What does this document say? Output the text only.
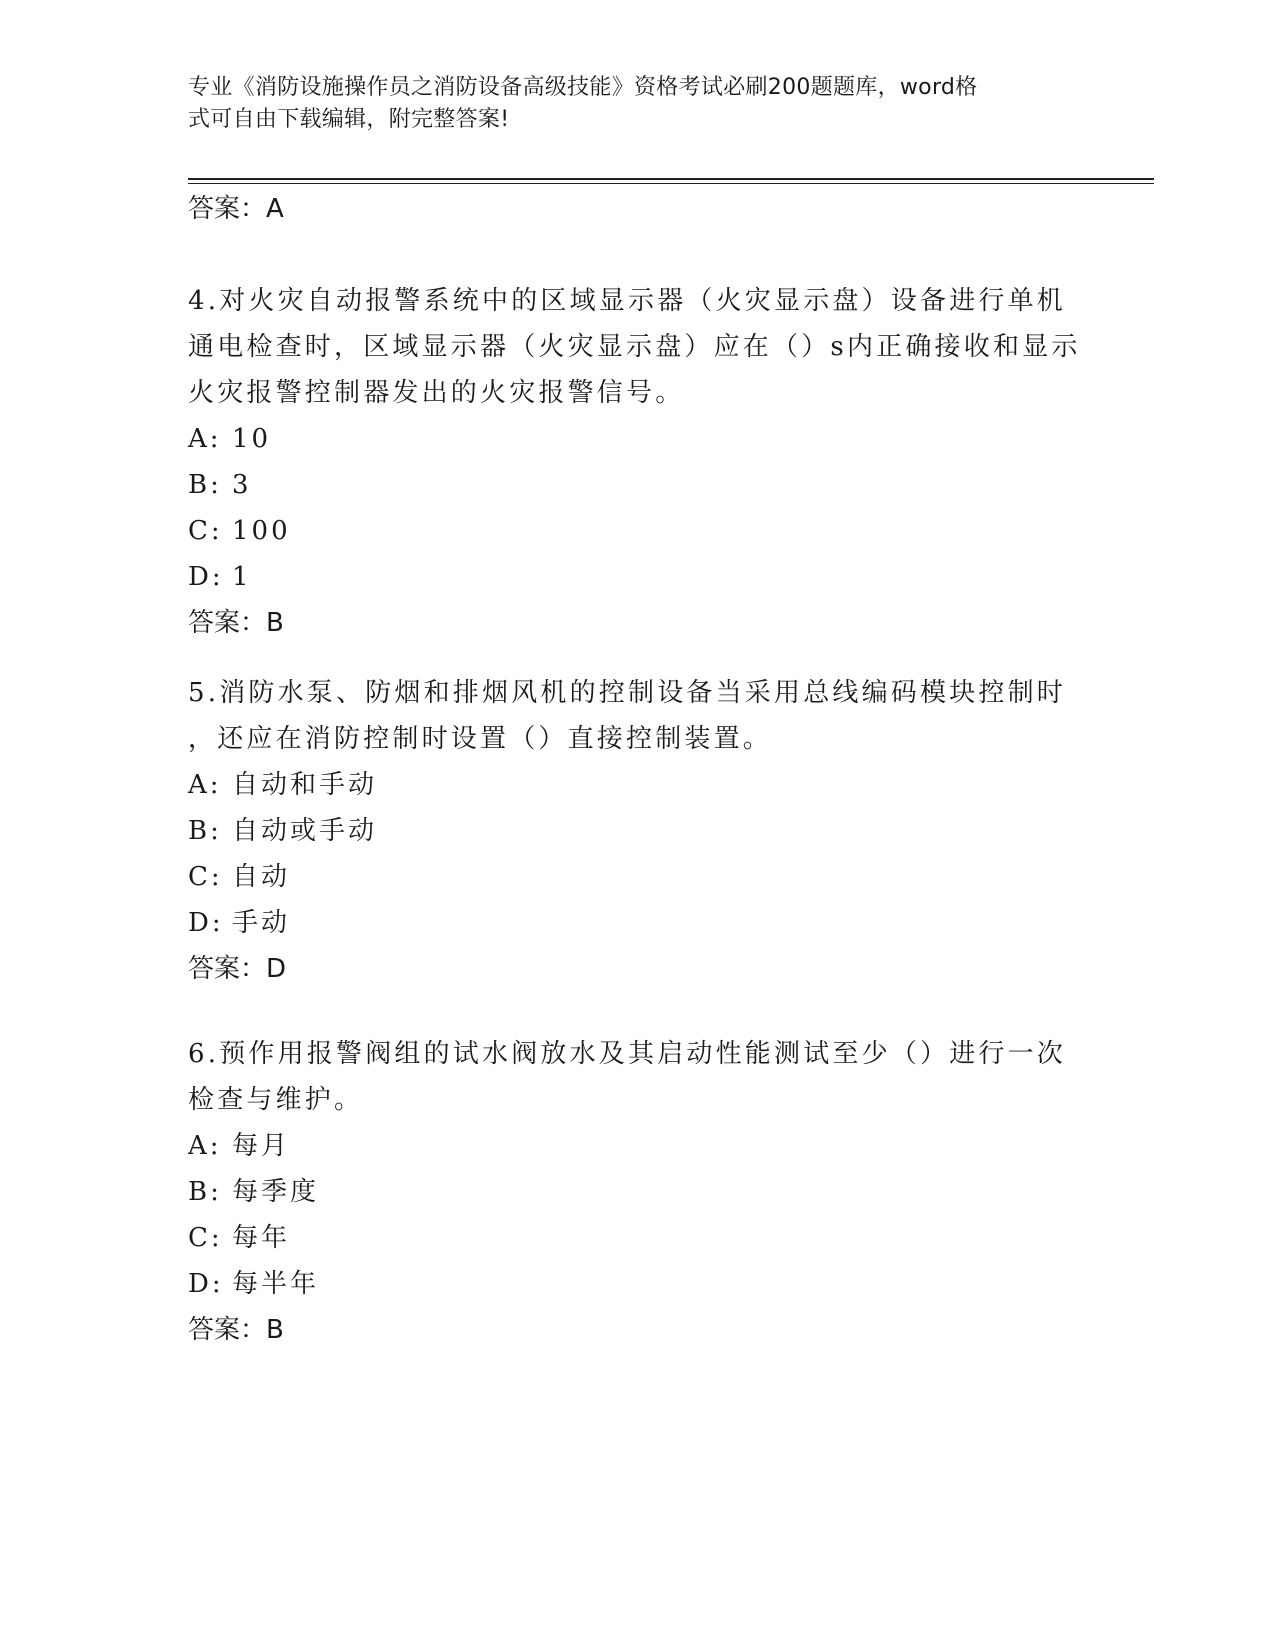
专业《消防设施操作员之消防设备高级技能》资格考试必刷200题题库，word格
式可自由下载编辑，附完整答案!
答案：A
4.对火灾自动报警系统中的区域显示器（火灾显示盘）设备进行单机
通电检查时，区域显示器（火灾显示盘）应在（）s内正确接收和显示
火灾报警控制器发出的火灾报警信号。
A: 10
B: 3
C: 100
D: 1
答案：B
5.消防水泵、防烟和排烟风机的控制设备当采用总线编码模块控制时
，还应在消防控制时设置（）直接控制装置。
A: 自动和手动
B: 自动或手动
C: 自动
D: 手动
答案：D
6.预作用报警阀组的试水阀放水及其启动性能测试至少（）进行一次
检查与维护。
A: 每月
B: 每季度
C: 每年
D: 每半年
答案：B
